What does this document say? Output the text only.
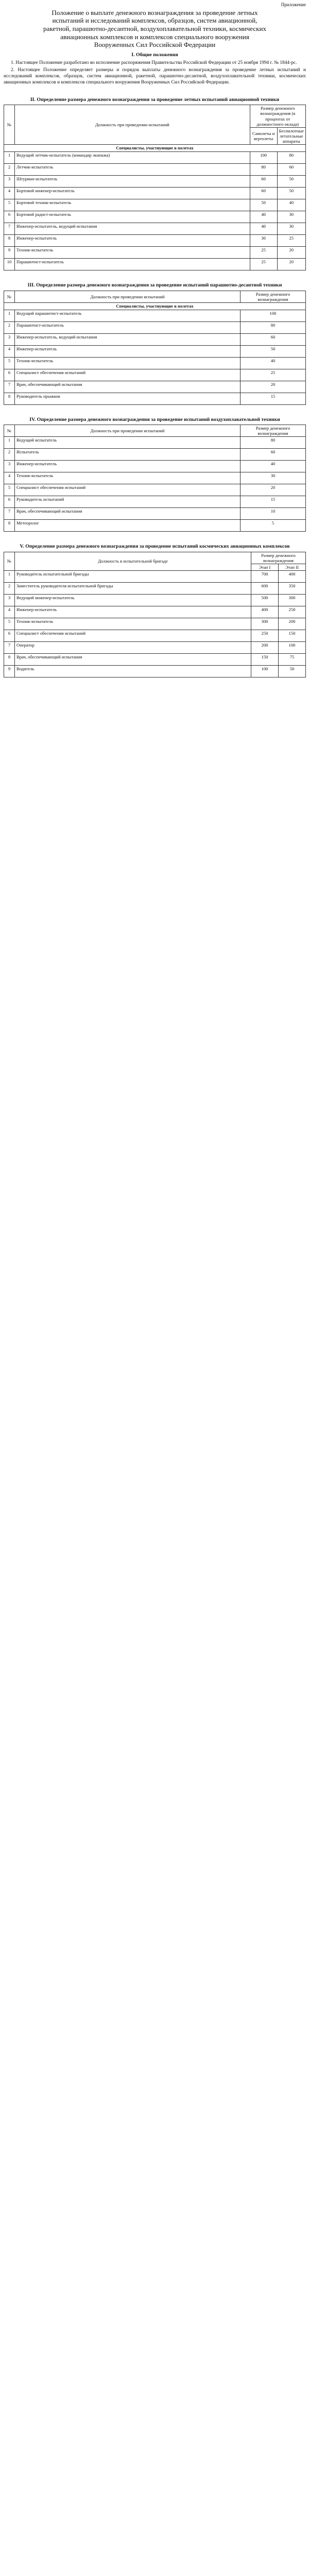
Приложение
Положение о выплате денежного вознаграждения за проведение летных испытаний и исследований комплексов, образцов, систем авиационной, ракетной, парашютно-десантной, воздухоплавательной техники, космических авиационных комплексов и комплексов специального вооружения Вооруженных Сил Российской Федерации
I. Общие положения

1. Настоящее Положение разработано во исполнение распоряжения Правительства Российской Федерации от 25 ноября 1994 г. № 1844-рс.

2. Настоящее Положение определяет размеры и порядок выплаты денежного вознаграждения за проведение летных испытаний и исследований комплексов, образцов, систем авиационной, ракетной, парашютно-десантной, воздухоплавательной техники, космических авиационных комплексов и комплексов специального вооружения Вооруженных Сил Российской Федерации.

II. Определение размера денежного вознаграждения за проведение летных испытаний авиационной техники
№	Должность при проведении испытаний	Размер денежного вознаграждения (в процентах от должностного оклада)	
		Самолеты и вертолеты	Беспилотные летательные аппараты
Специалисты, участвующие в полетах			
1	Ведущий летчик-испытатель (командир экипажа)	100	80
2	Летчик-испытатель	80	60
3	Штурман-испытатель	60	50
4	Бортовой инженер-испытатель	60	50
5	Бортовой техник-испытатель	50	40
6	Бортовой радист-испытатель	40	30
7	Инженер-испытатель, ведущий испытания	40	30
8	Инженер-испытатель	30	25
9	Техник-испытатель	25	20
10	Парашютист-испытатель	25	20
III. Определение размера денежного вознаграждения за проведение испытаний парашютно-десантной техники
№	Должность при проведении испытаний	Размер денежного вознаграждения
Специалисты, участвующие в полетах		
1	Ведущий парашютист-испытатель	100
2	Парашютист-испытатель	80
3	Инженер-испытатель, ведущий испытания	60
4	Инженер-испытатель	50
5	Техник-испытатель	40
6	Специалист обеспечения испытаний	25
7	Врач, обеспечивающий испытания	20
8	Руководитель прыжков	15
IV. Определение размера денежного вознаграждения за проведение испытаний воздухоплавательной техники
№	Должность при проведении испытаний	Размер денежного вознаграждения
1	Ведущий испытатель	80
2	Испытатель	60
3	Инженер-испытатель	40
4	Техник-испытатель	30
5	Специалист обеспечения испытаний	20
6	Руководитель испытаний	15
7	Врач, обеспечивающий испытания	10
8	Метеоролог	5
V. Определение размера денежного вознаграждения за проведение испытаний космических авиационных комплексов
№	Должность в испытательной бригаде	Размер денежного вознаграждения	
		Этап I	Этап II
1	Руководитель испытательной бригады	700	400
2	Заместитель руководителя испытательной бригады	600	350
3	Ведущий инженер-испытатель	500	300
4	Инженер-испытатель	400	250
5	Техник-испытатель	300	200
6	Специалист обеспечения испытаний	250	150
7	Оператор	200	100
8	Врач, обеспечивающий испытания	150	75
9	Водитель	100	50
